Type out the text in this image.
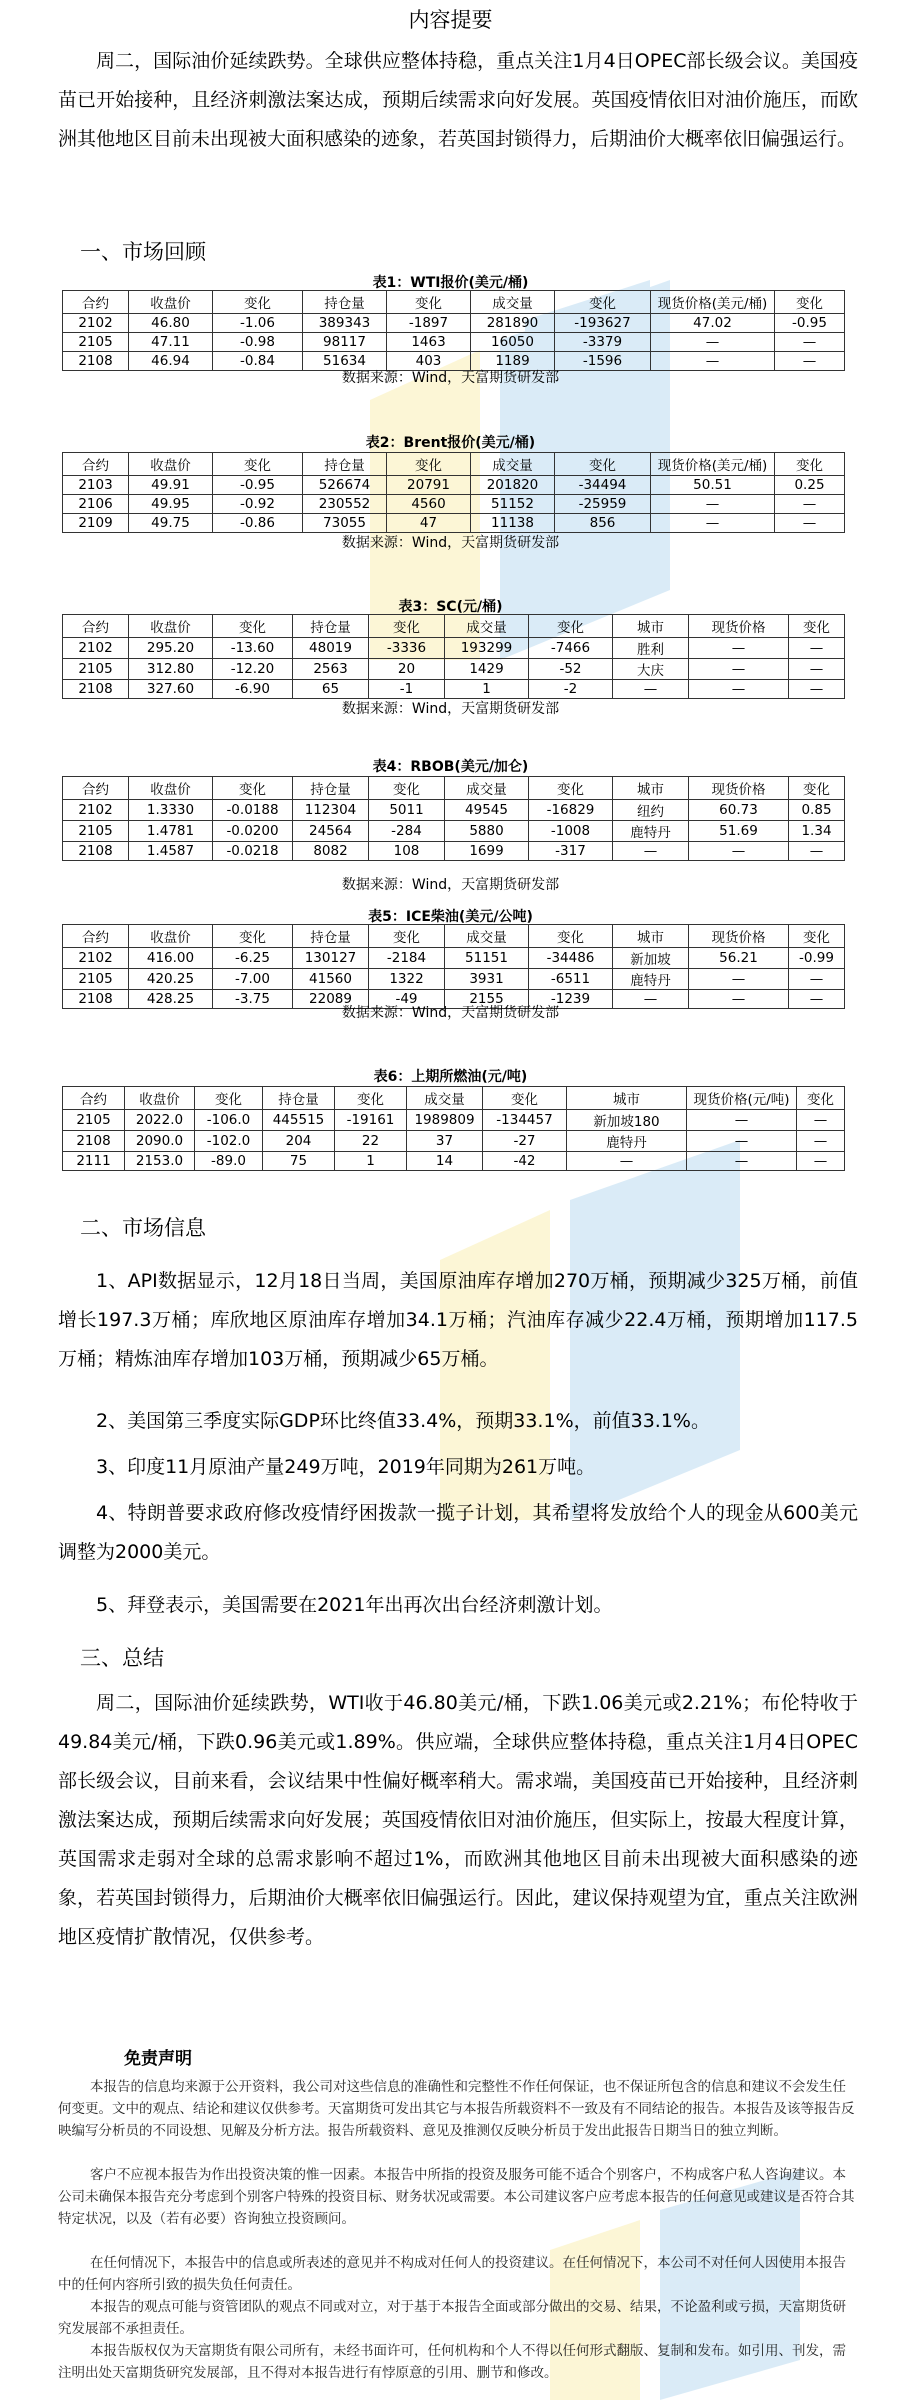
内容提要

周二，国际油价延续跌势。全球供应整体持稳，重点关注1月4日OPEC部长级会议。美国疫苗已开始接种，且经济刺激法案达成，预期后续需求向好发展。英国疫情依旧对油价施压，而欧洲其他地区目前未出现被大面积感染的迹象，若英国封锁得力，后期油价大概率依旧偏强运行。

一、市场回顾
表1：WTI报价(美元/桶)
合约	收盘价	变化	持仓量	变化	成交量	变化	现货价格(美元/桶)	变化
2102	46.80	-1.06	389343	-1897	281890	-193627	47.02	-0.95
2105	47.11	-0.98	98117	1463	16050	-3379	—	—
2108	46.94	-0.84	51634	403	1189	-1596	—	—
数据来源：Wind，天富期货研发部
表2：Brent报价(美元/桶)
合约	收盘价	变化	持仓量	变化	成交量	变化	现货价格(美元/桶)	变化
2103	49.91	-0.95	526674	20791	201820	-34494	50.51	0.25
2106	49.95	-0.92	230552	4560	51152	-25959	—	—
2109	49.75	-0.86	73055	47	11138	856	—	—
数据来源：Wind，天富期货研发部
表3：SC(元/桶)
合约	收盘价	变化	持仓量	变化	成交量	变化	城市	现货价格	变化
2102	295.20	-13.60	48019	-3336	193299	-7466	胜利	—	—
2105	312.80	-12.20	2563	20	1429	-52	大庆	—	—
2108	327.60	-6.90	65	-1	1	-2	—	—	—
数据来源：Wind，天富期货研发部
表4：RBOB(美元/加仑)
合约	收盘价	变化	持仓量	变化	成交量	变化	城市	现货价格	变化
2102	1.3330	-0.0188	112304	5011	49545	-16829	纽约	60.73	0.85
2105	1.4781	-0.0200	24564	-284	5880	-1008	鹿特丹	51.69	1.34
2108	1.4587	-0.0218	8082	108	1699	-317	—	—	—
数据来源：Wind，天富期货研发部
表5：ICE柴油(美元/公吨)
合约	收盘价	变化	持仓量	变化	成交量	变化	城市	现货价格	变化
2102	416.00	-6.25	130127	-2184	51151	-34486	新加坡	56.21	-0.99
2105	420.25	-7.00	41560	1322	3931	-6511	鹿特丹	—	—
2108	428.25	-3.75	22089	-49	2155	-1239	—	—	—
数据来源：Wind，天富期货研发部
表6：上期所燃油(元/吨)
合约	收盘价	变化	持仓量	变化	成交量	变化	城市	现货价格(元/吨)	变化
2105	2022.0	-106.0	445515	-19161	1989809	-134457	新加坡180	—	—
2108	2090.0	-102.0	204	22	37	-27	鹿特丹	—	—
2111	2153.0	-89.0	75	1	14	-42	—	—	—
二、市场信息

1、API数据显示，12月18日当周，美国原油库存增加270万桶，预期减少325万桶，前值增长197.3万桶；库欣地区原油库存增加34.1万桶；汽油库存减少22.4万桶，预期增加117.5万桶；精炼油库存增加103万桶，预期减少65万桶。

2、美国第三季度实际GDP环比终值33.4%，预期33.1%，前值33.1%。

3、印度11月原油产量249万吨，2019年同期为261万吨。

4、特朗普要求政府修改疫情纾困拨款一揽子计划，其希望将发放给个人的现金从600美元调整为2000美元。

5、拜登表示，美国需要在2021年出再次出台经济刺激计划。

三、总结

周二，国际油价延续跌势，WTI收于46.80美元/桶，下跌1.06美元或2.21%；布伦特收于49.84美元/桶，下跌0.96美元或1.89%。供应端，全球供应整体持稳，重点关注1月4日OPEC部长级会议，目前来看，会议结果中性偏好概率稍大。需求端，美国疫苗已开始接种，且经济刺激法案达成，预期后续需求向好发展；英国疫情依旧对油价施压，但实际上，按最大程度计算，英国需求走弱对全球的总需求影响不超过1%，而欧洲其他地区目前未出现被大面积感染的迹象，若英国封锁得力，后期油价大概率依旧偏强运行。因此，建议保持观望为宜，重点关注欧洲地区疫情扩散情况，仅供参考。

免责声明

本报告的信息均来源于公开资料，我公司对这些信息的准确性和完整性不作任何保证，也不保证所包含的信息和建议不会发生任何变更。文中的观点、结论和建议仅供参考。天富期货可发出其它与本报告所载资料不一致及有不同结论的报告。本报告及该等报告反映编写分析员的不同设想、见解及分析方法。报告所载资料、意见及推测仅反映分析员于发出此报告日期当日的独立判断。

客户不应视本报告为作出投资决策的惟一因素。本报告中所指的投资及服务可能不适合个别客户，不构成客户私人咨询建议。本公司未确保本报告充分考虑到个别客户特殊的投资目标、财务状况或需要。本公司建议客户应考虑本报告的任何意见或建议是否符合其特定状况，以及（若有必要）咨询独立投资顾问。

在任何情况下，本报告中的信息或所表述的意见并不构成对任何人的投资建议。在任何情况下，本公司不对任何人因使用本报告中的任何内容所引致的损失负任何责任。

本报告的观点可能与资管团队的观点不同或对立，对于基于本报告全面或部分做出的交易、结果，不论盈利或亏损，天富期货研究发展部不承担责任。

本报告版权仅为天富期货有限公司所有，未经书面许可，任何机构和个人不得以任何形式翻版、复制和发布。如引用、刊发，需注明出处天富期货研究发展部，且不得对本报告进行有悖原意的引用、删节和修改。
